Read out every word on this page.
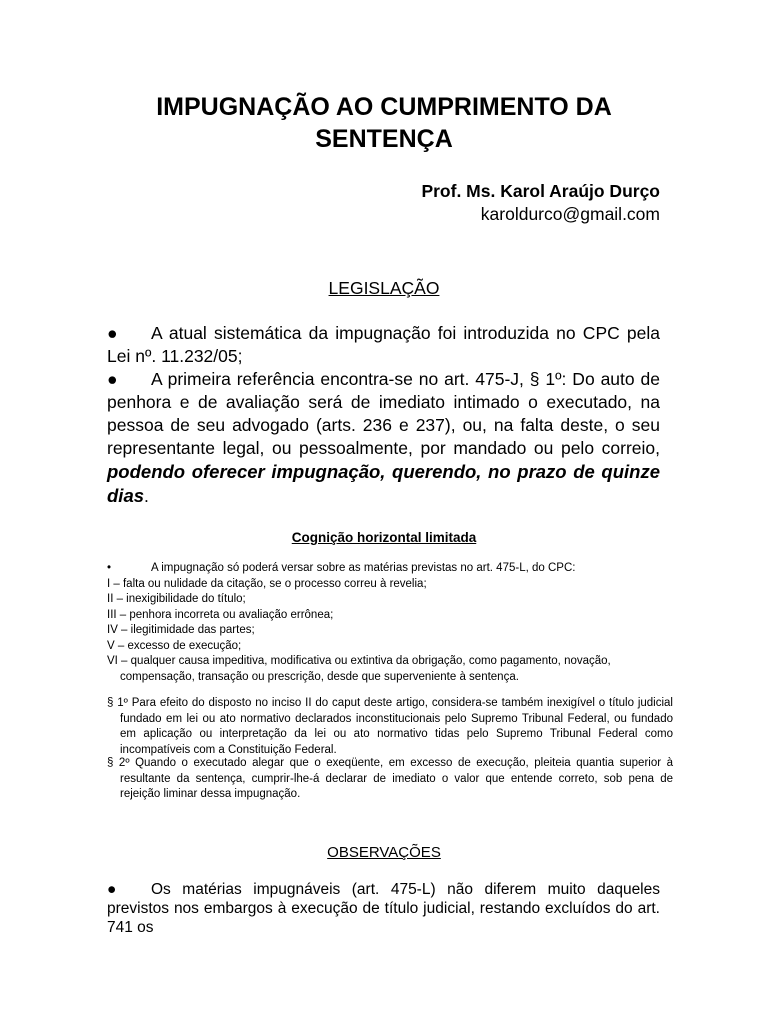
IMPUGNAÇÃO AO CUMPRIMENTO DA
SENTENÇA
Prof. Ms. Karol Araújo Durço
karoldurco@gmail.com
LEGISLAÇÃO

● A atual sistemática da impugnação foi introduzida no CPC pela Lei nº. 11.232/05;

● A primeira referência encontra-se no art. 475-J, § 1º: Do auto de penhora e de avaliação será de imediato intimado o executado, na pessoa de seu advogado (arts. 236 e 237), ou, na falta deste, o seu representante legal, ou pessoalmente, por mandado ou pelo correio, podendo oferecer impugnação, querendo, no prazo de quinze dias.

Cognição horizontal limitada
•	A impugnação só poderá versar sobre as matérias previstas no art. 475-L, do CPC:
I – falta ou nulidade da citação, se o processo correu à revelia;
II – inexigibilidade do título;
III – penhora incorreta ou avaliação errônea;
IV – ilegitimidade das partes;
V – excesso de execução;
VI – qualquer causa impeditiva, modificativa ou extintiva da obrigação, como pagamento, novação, compensação, transação ou prescrição, desde que superveniente à sentença.
§ 1º Para efeito do disposto no inciso II do caput deste artigo, considera-se também inexigível o título judicial fundado em lei ou ato normativo declarados inconstitucionais pelo Supremo Tribunal Federal, ou fundado em aplicação ou interpretação da lei ou ato normativo tidas pelo Supremo Tribunal Federal como incompatíveis com a Constituição Federal.
§ 2º Quando o executado alegar que o exeqüente, em excesso de execução, pleiteia quantia superior à resultante da sentença, cumprir-lhe-á declarar de imediato o valor que entende correto, sob pena de rejeição liminar dessa impugnação.
OBSERVAÇÕES

● Os matérias impugnáveis (art. 475-L) não diferem muito daqueles previstos nos embargos à execução de título judicial, restando excluídos do art. 741 os
